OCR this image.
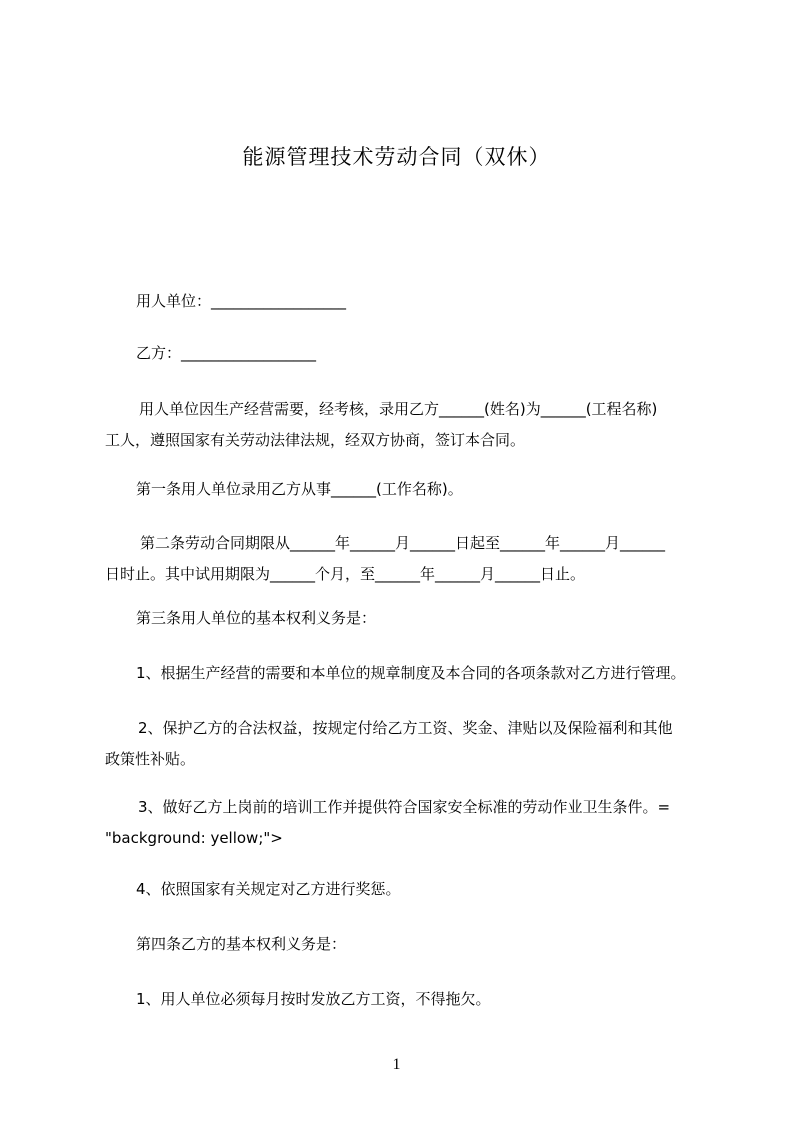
能源管理技术劳动合同（双休）
用人单位：__________________
乙方：__________________
用人单位因生产经营需要，经考核，录用乙方______(姓名)为______(工程名称)
工人，遵照国家有关劳动法律法规，经双方协商，签订本合同。
第一条用人单位录用乙方从事______(工作名称)。
第二条劳动合同期限从______年______月______日起至______年______月______
日时止。其中试用期限为______个月，至______年______月______日止。
第三条用人单位的基本权利义务是：
1、根据生产经营的需要和本单位的规章制度及本合同的各项条款对乙方进行管理。
2、保护乙方的合法权益，按规定付给乙方工资、奖金、津贴以及保险福利和其他
政策性补贴。
3、做好乙方上岗前的培训工作并提供符合国家安全标准的劳动作业卫生条件。=
"background: yellow;">
4、依照国家有关规定对乙方进行奖惩。
第四条乙方的基本权利义务是：
1、用人单位必须每月按时发放乙方工资，不得拖欠。
1
